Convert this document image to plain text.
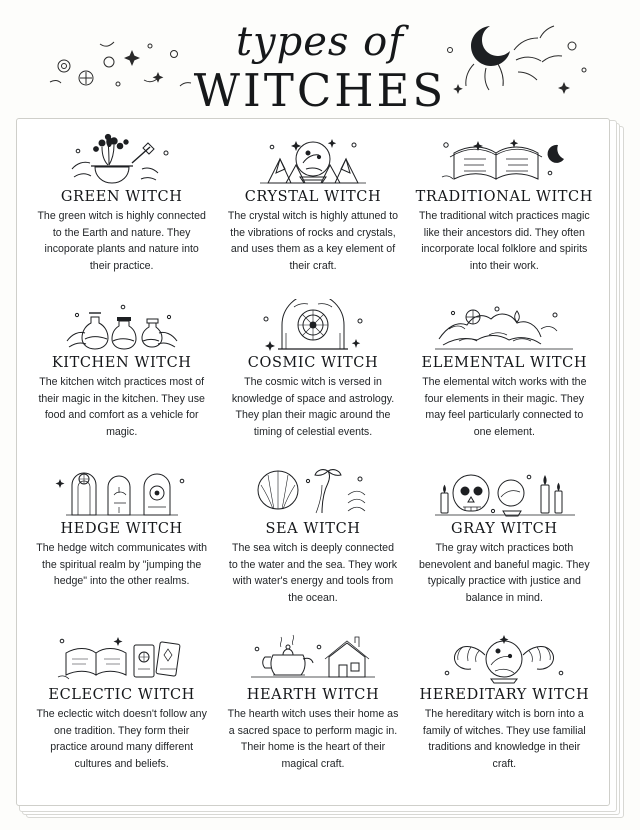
types of
WITCHES
GREEN WITCH
The green witch is highly connected to the Earth and nature. They incoporate plants and nature into their practice.
CRYSTAL WITCH
The crystal witch is highly attuned to the vibrations of rocks and crystals, and uses them as a key element of their craft.
TRADITIONAL WITCH
The traditional witch practices magic like their ancestors did. They often incorporate local folklore and spirits into their work.
KITCHEN WITCH
The kitchen witch practices most of their magic in the kitchen. They use food and comfort as a vehicle for magic.
COSMIC WITCH
The cosmic witch is versed in knowledge of space and astrology. They plan their magic around the timing of celestial events.
ELEMENTAL WITCH
The elemental witch works with the four elements in their magic. They may feel particularly connected to one element.
HEDGE WITCH
The hedge witch communicates with the spiritual realm by "jumping the hedge" into the other realms.
SEA WITCH
The sea witch is deeply connected to the water and the sea. They work with water's energy and tools from the ocean.
GRAY WITCH
The gray witch practices both benevolent and baneful magic. They typically practice with justice and balance in mind.
ECLECTIC WITCH
The eclectic witch doesn't follow any one tradition. They form their practice around many different cultures and beliefs.
HEARTH WITCH
The hearth witch uses their home as a sacred space to perform magic in. Their home is the heart of their magical craft.
HEREDITARY WITCH
The hereditary witch is born into a family of witches. They use familial traditions and knowledge in their craft.
